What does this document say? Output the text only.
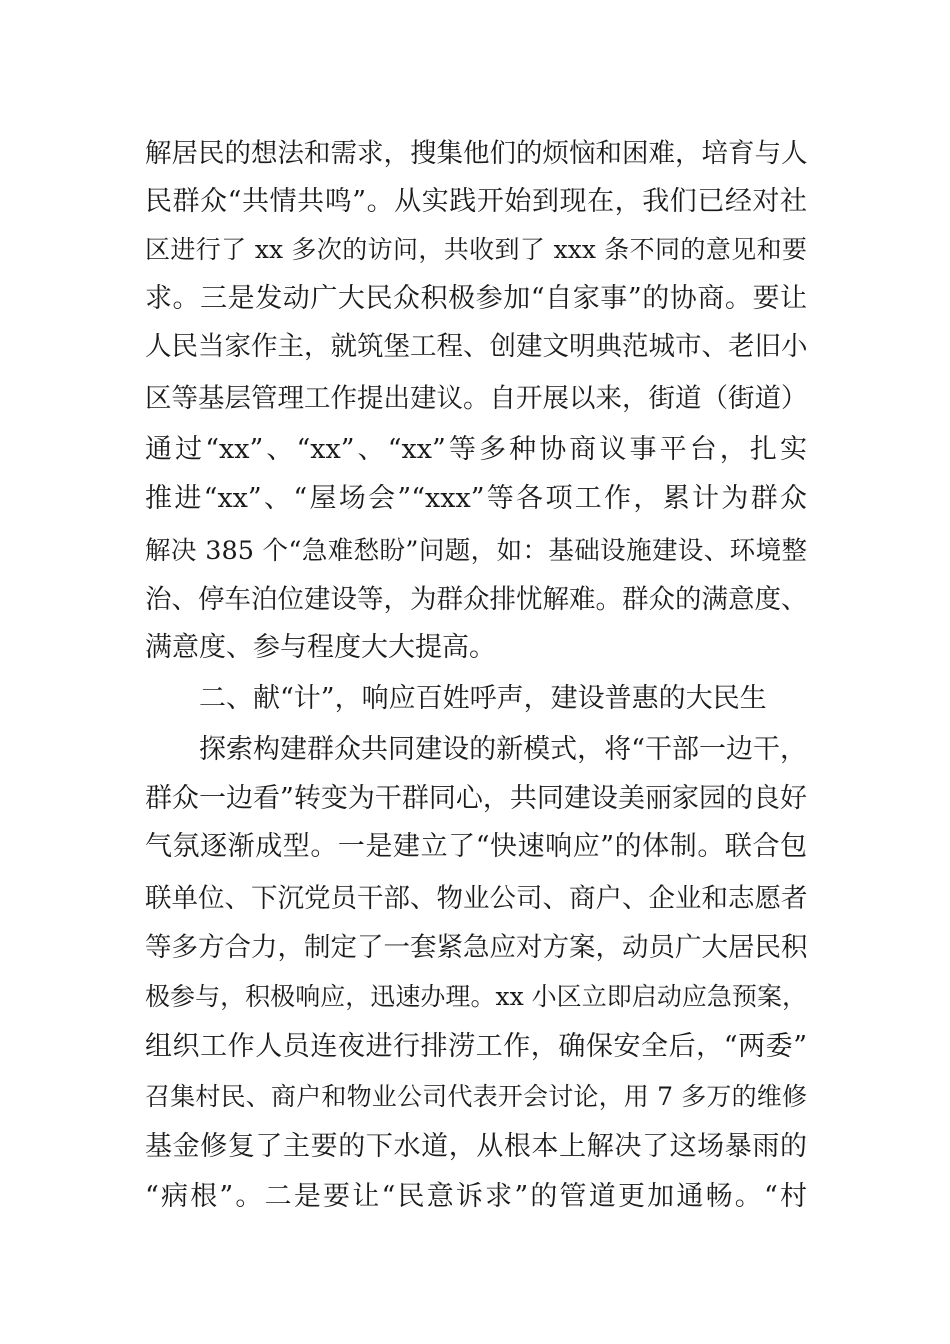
解居民的想法和需求，搜集他们的烦恼和困难，培育与人
民群众“共情共鸣”。从实践开始到现在，我们已经对社
区进行了 xx 多次的访问，共收到了 xxx 条不同的意见和要
求。三是发动广大民众积极参加“自家事”的协商。要让
人民当家作主，就筑堡工程、创建文明典范城市、老旧小
区等基层管理工作提出建议。自开展以来，街道（街道）
通过“xx”、“xx”、“xx”等多种协商议事平台，扎实
推进“xx”、“屋场会”“xxx”等各项工作，累计为群众
解决 385 个“急难愁盼”问题，如：基础设施建设、环境整
治、停车泊位建设等，为群众排忧解难。群众的满意度、
满意度、参与程度大大提高。
二、献“计”，响应百姓呼声，建设普惠的大民生
探索构建群众共同建设的新模式，将“干部一边干，
群众一边看”转变为干群同心，共同建设美丽家园的良好
气氛逐渐成型。一是建立了“快速响应”的体制。联合包
联单位、下沉党员干部、物业公司、商户、企业和志愿者
等多方合力，制定了一套紧急应对方案，动员广大居民积
极参与，积极响应，迅速办理。xx 小区立即启动应急预案，
组织工作人员连夜进行排涝工作，确保安全后，“两委”
召集村民、商户和物业公司代表开会讨论，用 7 多万的维修
基金修复了主要的下水道，从根本上解决了这场暴雨的
“病根”。二是要让“民意诉求”的管道更加通畅。“村
